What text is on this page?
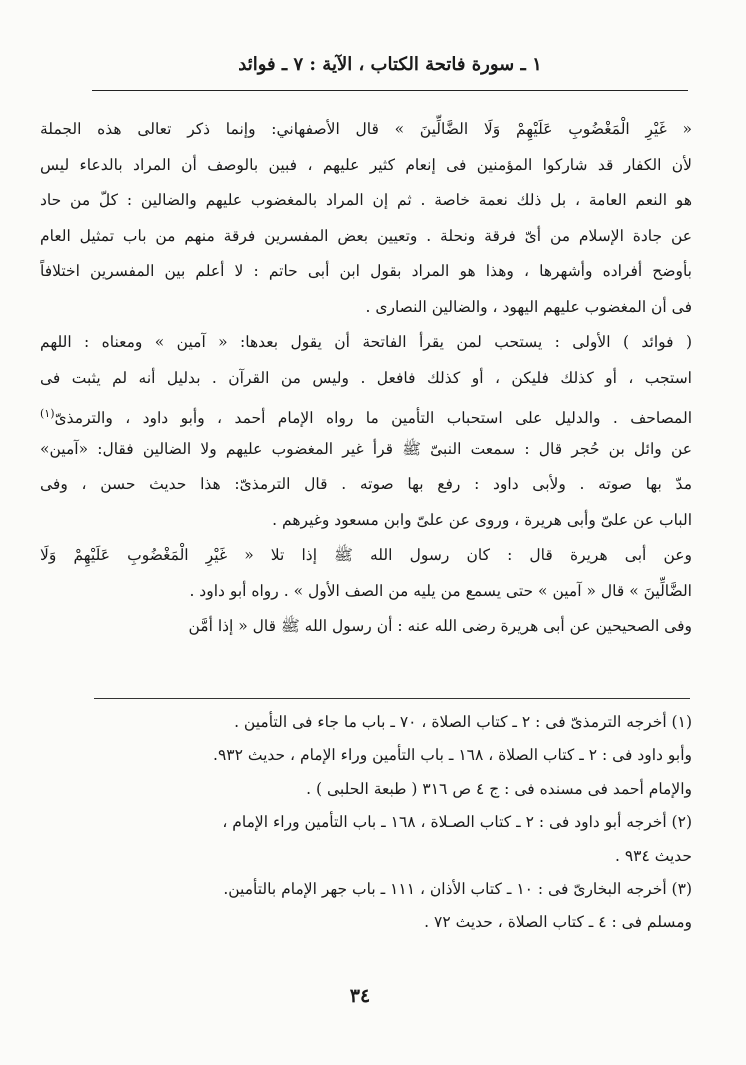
١ ـ سورة فاتحة الكتاب ، الآية : ٧ ـ فوائد
« غَيْرِ الْمَغْضُوبِ عَلَيْهِمْ وَلَا الضَّالِّينَ » قال الأصفهاني: وإنما ذكر تعالى هذه الجملة
لأن الكفار قد شاركوا المؤمنين فى إنعام كثير عليهم ، فبين بالوصف أن المراد بالدعاء ليس
هو النعم العامة ، بل ذلك نعمة خاصة . ثم إن المراد بالمغضوب عليهم والضالين : كلّ من حاد
عن جادة الإسلام من أىّ فرقة ونحلة . وتعيين بعض المفسرين فرقة منهم من باب تمثيل العام
بأوضح أفراده وأشهرها ، وهذا هو المراد بقول ابن أبى حاتم : لا أعلم بين المفسرين اختلافاً
فى أن المغضوب عليهم اليهود ، والضالين النصارى .
( فوائد ) الأولى : يستحب لمن يقرأ الفاتحة أن يقول بعدها: « آمين » ومعناه : اللهم
استجب ، أو كذلك فليكن ، أو كذلك فافعل . وليس من القرآن . بدليل أنه لم يثبت فى
المصاحف . والدليل على استحباب التأمين ما رواه الإمام أحمد ، وأبو داود ، والترمذىّ$^{(١)}$
عن وائل بن حُجر قال : سمعت النبىّ ﷺ قرأ غير المغضوب عليهم ولا الضالين فقال: «آمين»
مدّ بها صوته . ولأبى داود : رفع بها صوته . قال الترمذىّ: هذا حديث حسن ، وفى
الباب عن علىّ وأبى هريرة ، وروى عن علىّ وابن مسعود وغيرهم .
وعن أبى هريرة قال : كان رسول الله ﷺ إذا تلا « غَيْرِ الْمَغْضُوبِ عَلَيْهِمْ وَلَا
الضَّالِّينَ » قال « آمين » حتى يسمع من يليه من الصف الأول » . رواه أبو داود .
وفى الصحيحين عن أبى هريرة رضى الله عنه : أن رسول الله ﷺ قال « إذا أمَّن
(١) أخرجه الترمذىّ فى : ٢ ـ كتاب الصلاة ، ٧٠ ـ باب ما جاء فى التأمين .
وأبو داود فى : ٢ ـ كتاب الصلاة ، ١٦٨ ـ باب التأمين وراء الإمام ، حديث ٩٣٢.
والإمام أحمد فى مسنده فى : ج ٤ ص ٣١٦ ( طبعة الحلبى ) .
(٢) أخرجه أبو داود فى : ٢ ـ كتاب الصـلاة ، ١٦٨ ـ باب التأمين وراء الإمام ،
حديث ٩٣٤ .
(٣) أخرجه البخارىّ فى : ١٠ ـ كتاب الأذان ، ١١١ ـ باب جهر الإمام بالتأمين.
ومسلم فى : ٤ ـ كتاب الصلاة ، حديث ٧٢ .
٣٤
